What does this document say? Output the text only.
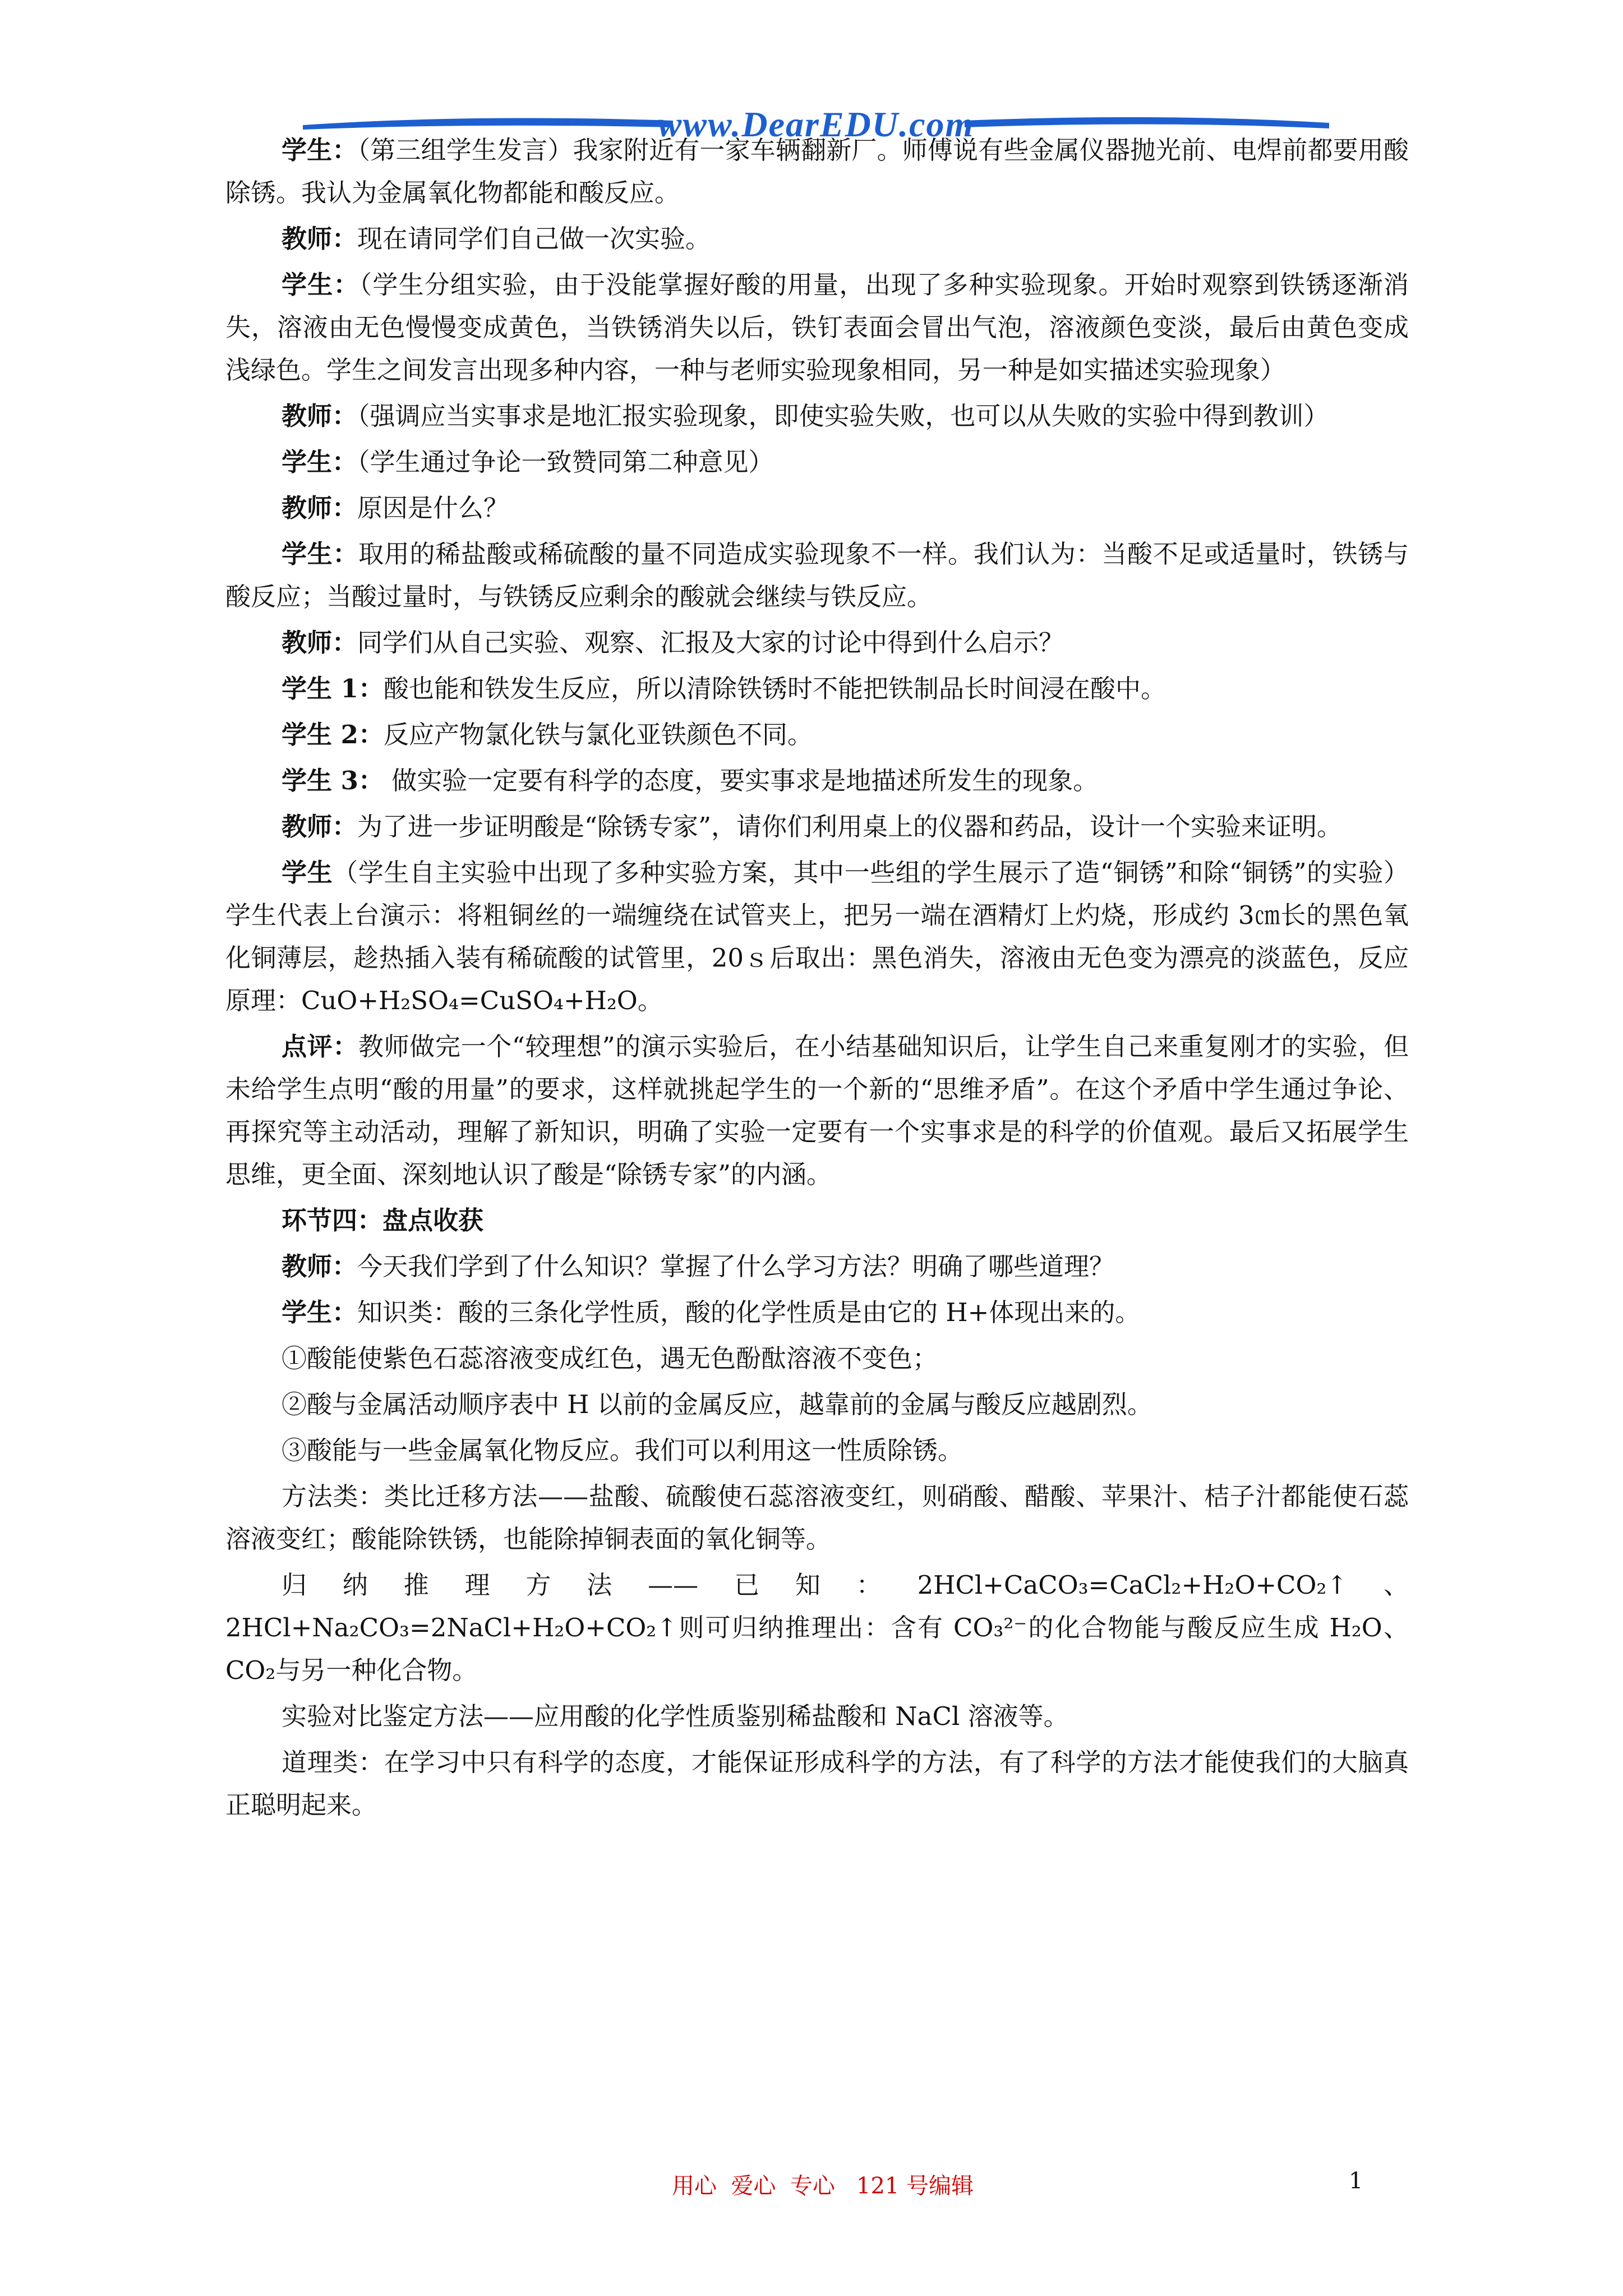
www.DearEDU.com

学生：（第三组学生发言）我家附近有一家车辆翻新厂。师傅说有些金属仪器抛光前、电焊前都要用酸除锈。我认为金属氧化物都能和酸反应。

教师：现在请同学们自己做一次实验。

学生：（学生分组实验，由于没能掌握好酸的用量，出现了多种实验现象。开始时观察到铁锈逐渐消失，溶液由无色慢慢变成黄色，当铁锈消失以后，铁钉表面会冒出气泡，溶液颜色变淡，最后由黄色变成浅绿色。学生之间发言出现多种内容，一种与老师实验现象相同，另一种是如实描述实验现象）

教师：（强调应当实事求是地汇报实验现象，即使实验失败，也可以从失败的实验中得到教训）

学生：（学生通过争论一致赞同第二种意见）

教师：原因是什么？

学生：取用的稀盐酸或稀硫酸的量不同造成实验现象不一样。我们认为：当酸不足或适量时，铁锈与酸反应；当酸过量时，与铁锈反应剩余的酸就会继续与铁反应。

教师：同学们从自己实验、观察、汇报及大家的讨论中得到什么启示？

学生 1：酸也能和铁发生反应，所以清除铁锈时不能把铁制品长时间浸在酸中。

学生 2：反应产物氯化铁与氯化亚铁颜色不同。

学生 3： 做实验一定要有科学的态度，要实事求是地描述所发生的现象。

教师：为了进一步证明酸是“除锈专家”，请你们利用桌上的仪器和药品，设计一个实验来证明。

学生（学生自主实验中出现了多种实验方案，其中一些组的学生展示了造“铜锈”和除“铜锈”的实验）学生代表上台演示：将粗铜丝的一端缠绕在试管夹上，把另一端在酒精灯上灼烧，形成约 3㎝长的黑色氧化铜薄层，趁热插入装有稀硫酸的试管里，20ｓ后取出：黑色消失，溶液由无色变为漂亮的淡蓝色，反应原理：CuO+H₂SO₄=CuSO₄+H₂O。

点评：教师做完一个“较理想”的演示实验后，在小结基础知识后，让学生自己来重复刚才的实验，但未给学生点明“酸的用量”的要求，这样就挑起学生的一个新的“思维矛盾”。在这个矛盾中学生通过争论、再探究等主动活动，理解了新知识，明确了实验一定要有一个实事求是的科学的价值观。最后又拓展学生思维，更全面、深刻地认识了酸是“除锈专家”的内涵。

环节四：盘点收获

教师：今天我们学到了什么知识？掌握了什么学习方法？明确了哪些道理？

学生：知识类：酸的三条化学性质，酸的化学性质是由它的 H+体现出来的。

①酸能使紫色石蕊溶液变成红色，遇无色酚酞溶液不变色；

②酸与金属活动顺序表中 H 以前的金属反应，越靠前的金属与酸反应越剧烈。

③酸能与一些金属氧化物反应。我们可以利用这一性质除锈。

方法类：类比迁移方法——盐酸、硫酸使石蕊溶液变红，则硝酸、醋酸、苹果汁、桔子汁都能使石蕊溶液变红；酸能除铁锈，也能除掉铜表面的氧化铜等。

归纳推理方法——已知：2HCl+CaCO₃=CaCl₂+H₂O+CO₂↑、2HCl+Na₂CO₃=2NaCl+H₂O+CO₂↑则可归纳推理出：含有 CO₃²⁻的化合物能与酸反应生成 H₂O、CO₂与另一种化合物。

实验对比鉴定方法——应用酸的化学性质鉴别稀盐酸和 NaCl 溶液等。

道理类：在学习中只有科学的态度，才能保证形成科学的方法，有了科学的方法才能使我们的大脑真正聪明起来。

用心  爱心  专心   121 号编辑	1
